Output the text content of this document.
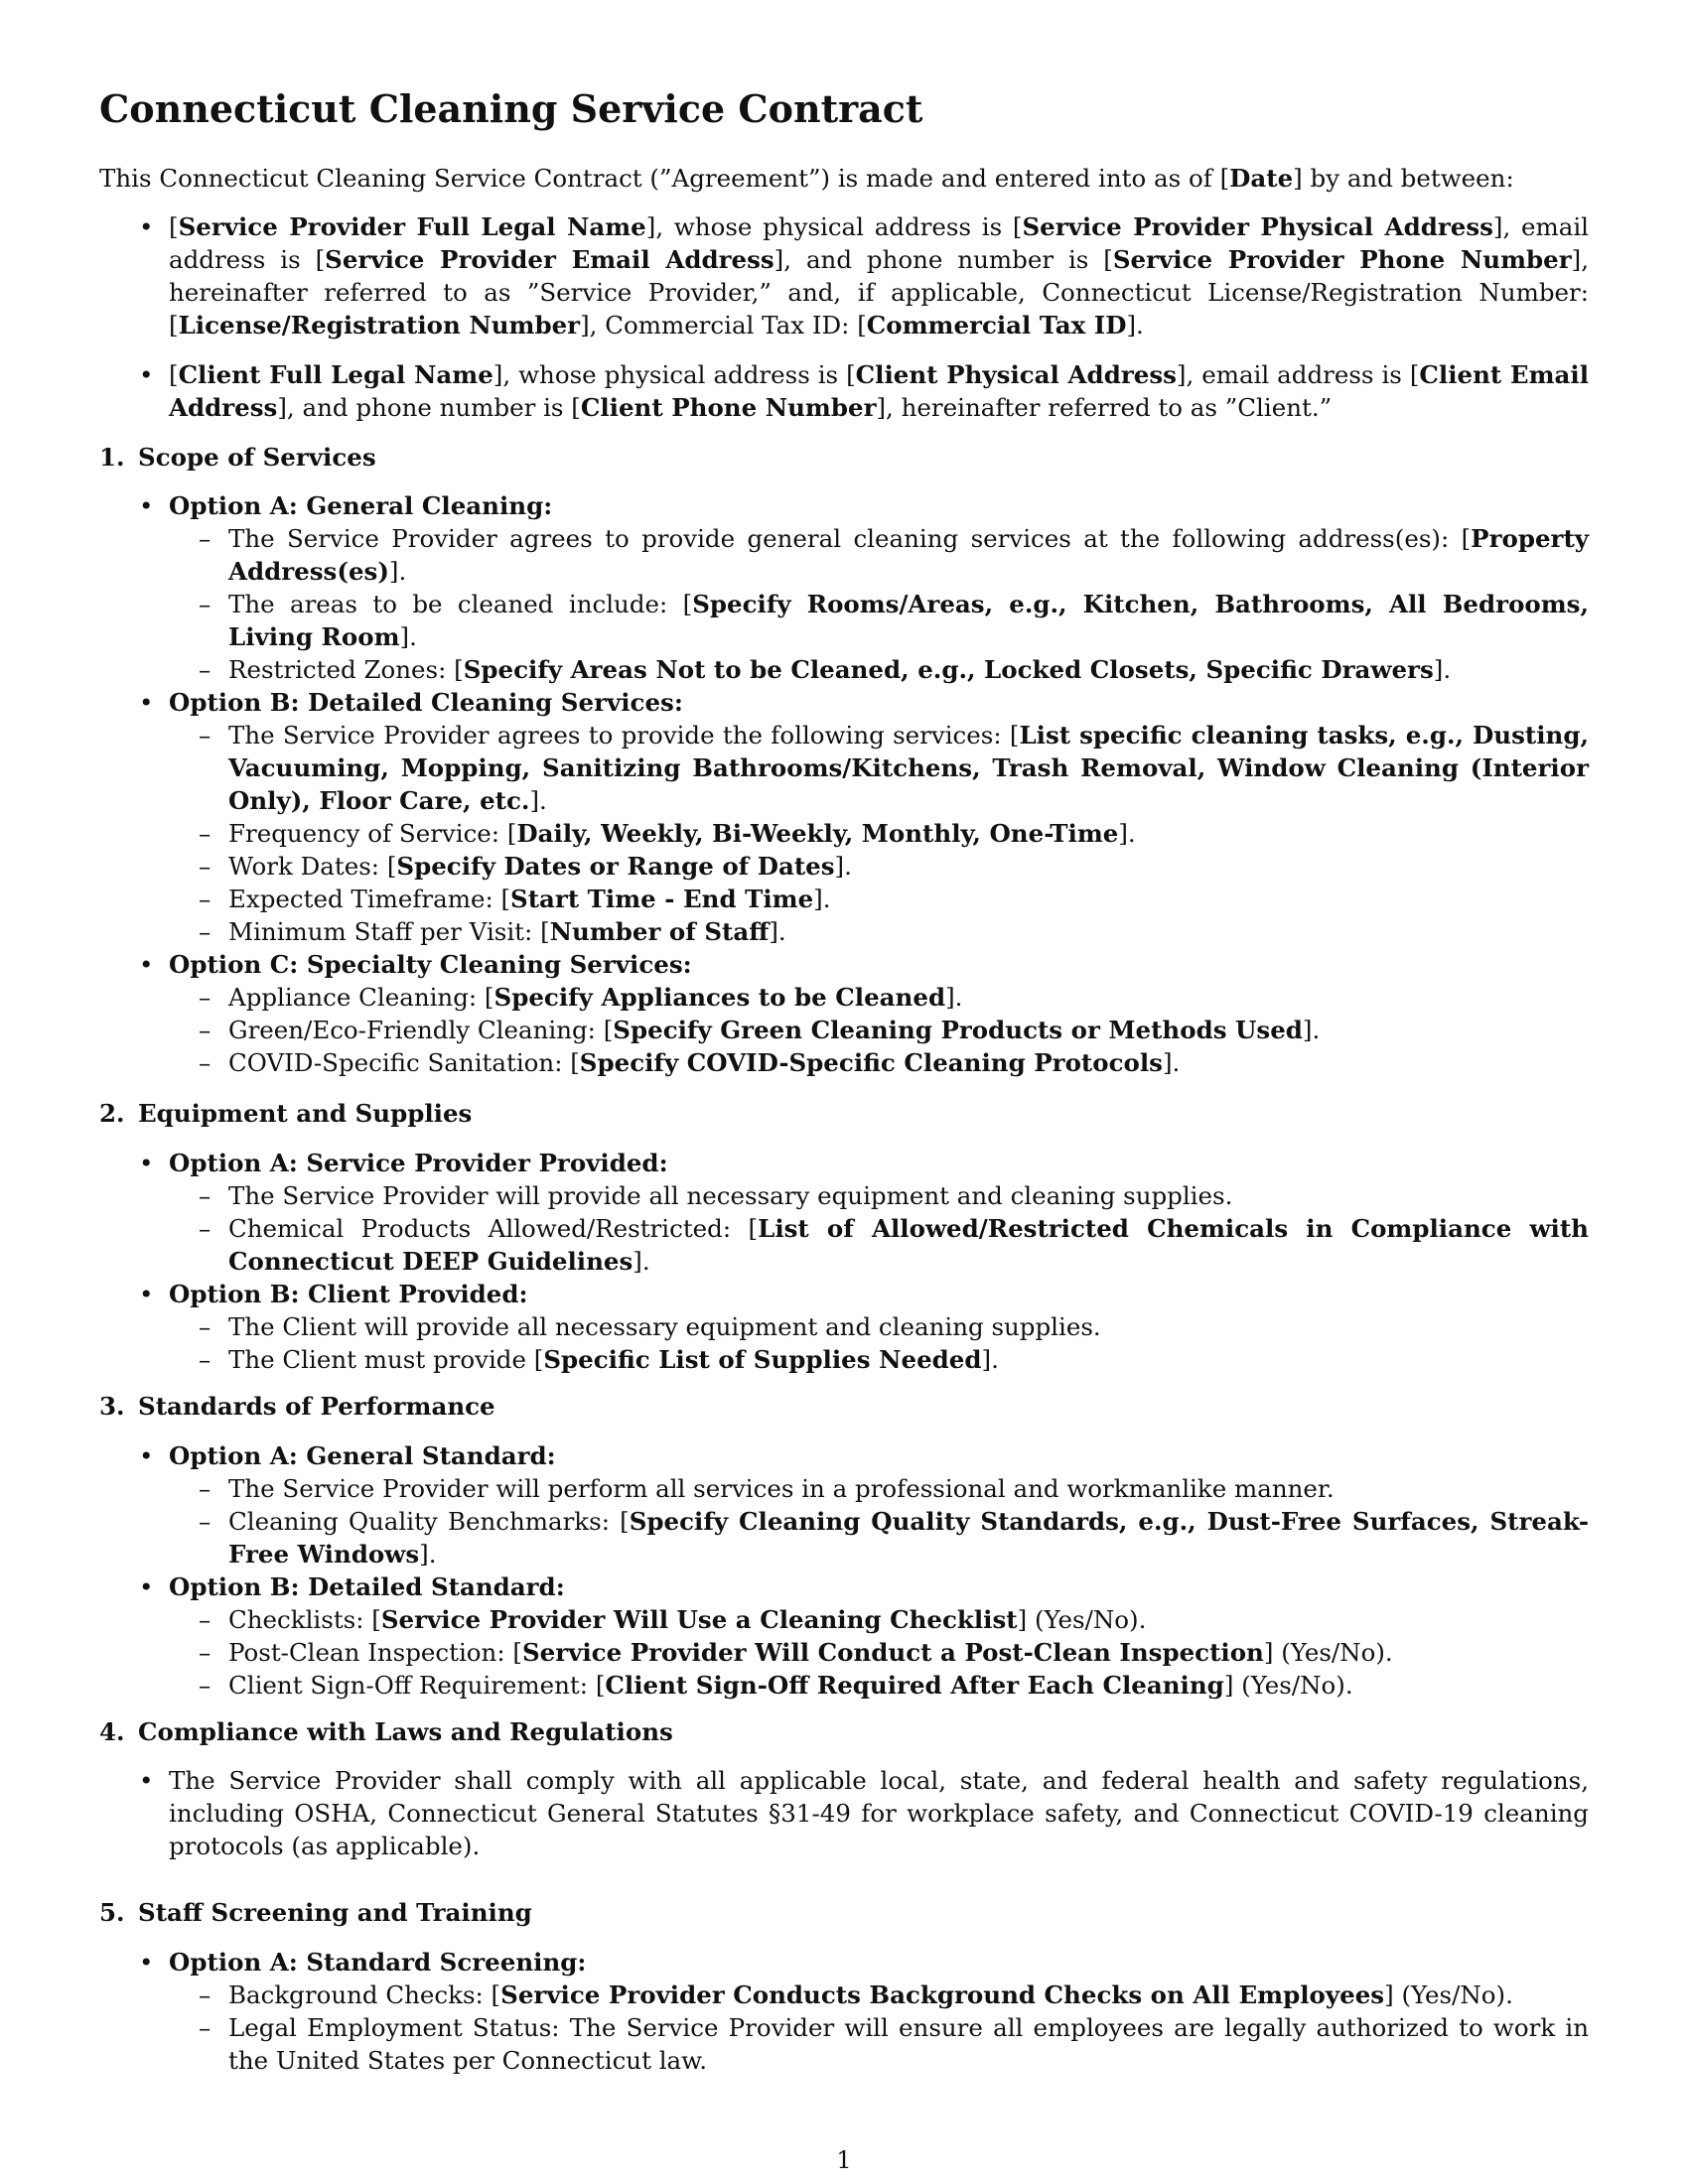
Connecticut Cleaning Service Contract

This Connecticut Cleaning Service Contract (”Agreement”) is made and entered into as of [Date] by and between:

• [Service Provider Full Legal Name], whose physical address is [Service Provider Physical Address], email address is [Service Provider Email Address], and phone number is [Service Provider Phone Number], hereinafter referred to as ”Service Provider,” and, if applicable, Connecticut License/Registration Number: [License/Registration Number], Commercial Tax ID: [Commercial Tax ID].

• [Client Full Legal Name], whose physical address is [Client Physical Address], email address is [Client Email Address], and phone number is [Client Phone Number], hereinafter referred to as ”Client.”

1. Scope of Services

• Option A: General Cleaning:

– The Service Provider agrees to provide general cleaning services at the following address(es): [Property Address(es)].

– The areas to be cleaned include: [Specify Rooms/Areas, e.g., Kitchen, Bathrooms, All Bedrooms, Living Room].

– Restricted Zones: [Specify Areas Not to be Cleaned, e.g., Locked Closets, Specific Drawers].

• Option B: Detailed Cleaning Services:

– The Service Provider agrees to provide the following services: [List specific cleaning tasks, e.g., Dusting, Vacuuming, Mopping, Sanitizing Bathrooms/Kitchens, Trash Removal, Window Cleaning (Interior Only), Floor Care, etc.].

– Frequency of Service: [Daily, Weekly, Bi-Weekly, Monthly, One-Time].

– Work Dates: [Specify Dates or Range of Dates].

– Expected Timeframe: [Start Time - End Time].

– Minimum Staff per Visit: [Number of Staff].

• Option C: Specialty Cleaning Services:

– Appliance Cleaning: [Specify Appliances to be Cleaned].

– Green/Eco-Friendly Cleaning: [Specify Green Cleaning Products or Methods Used].

– COVID-Specific Sanitation: [Specify COVID-Specific Cleaning Protocols].

2. Equipment and Supplies

• Option A: Service Provider Provided:

– The Service Provider will provide all necessary equipment and cleaning supplies.

– Chemical Products Allowed/Restricted: [List of Allowed/Restricted Chemicals in Compliance with Connecticut DEEP Guidelines].

• Option B: Client Provided:

– The Client will provide all necessary equipment and cleaning supplies.

– The Client must provide [Specific List of Supplies Needed].

3. Standards of Performance

• Option A: General Standard:

– The Service Provider will perform all services in a professional and workmanlike manner.

– Cleaning Quality Benchmarks: [Specify Cleaning Quality Standards, e.g., Dust-Free Surfaces, Streak-Free Windows].

• Option B: Detailed Standard:

– Checklists: [Service Provider Will Use a Cleaning Checklist] (Yes/No).

– Post-Clean Inspection: [Service Provider Will Conduct a Post-Clean Inspection] (Yes/No).

– Client Sign-Off Requirement: [Client Sign-Off Required After Each Cleaning] (Yes/No).

4. Compliance with Laws and Regulations

• The Service Provider shall comply with all applicable local, state, and federal health and safety regulations, including OSHA, Connecticut General Statutes §31-49 for workplace safety, and Connecticut COVID-19 cleaning protocols (as applicable).

5. Staff Screening and Training

• Option A: Standard Screening:

– Background Checks: [Service Provider Conducts Background Checks on All Employees] (Yes/No).

– Legal Employment Status: The Service Provider will ensure all employees are legally authorized to work in the United States per Connecticut law.

1
